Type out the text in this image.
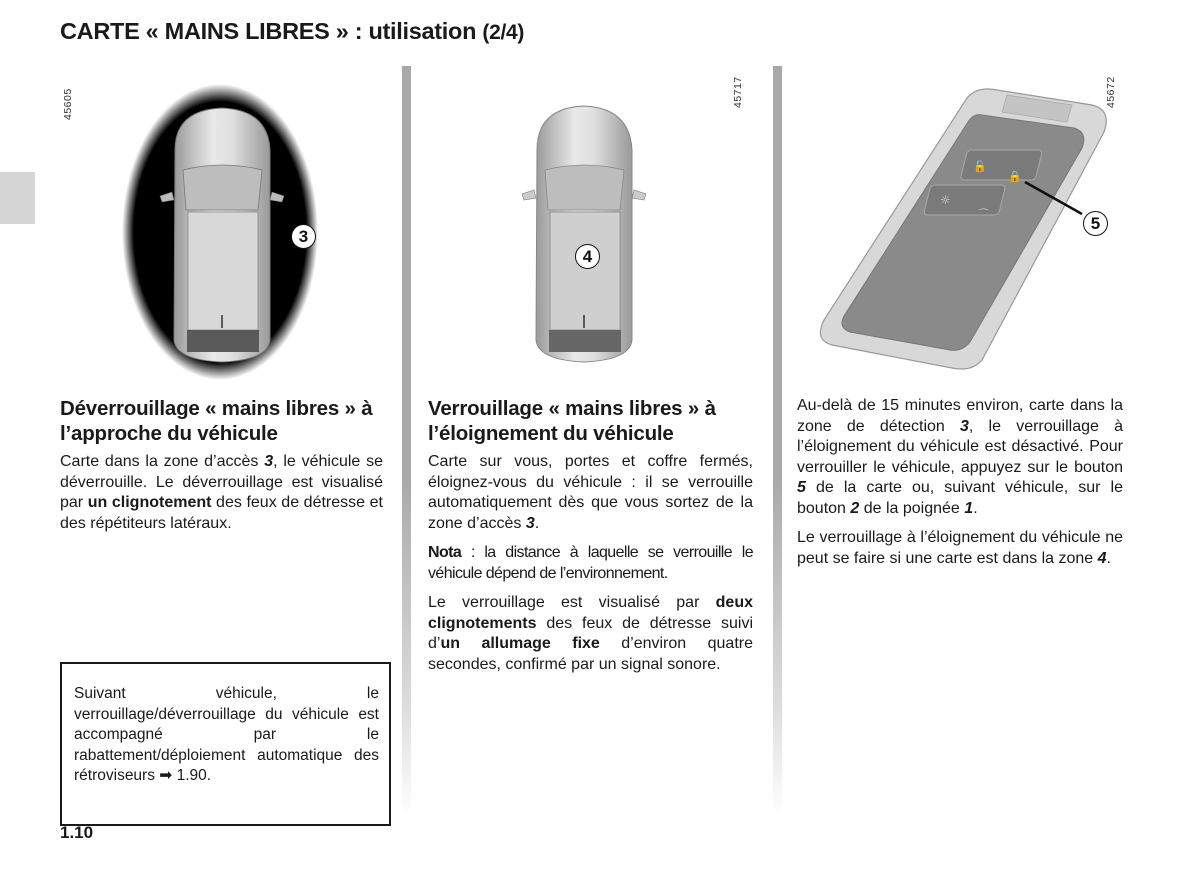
CARTE « MAINS LIBRES » : utilisation (2/4)
45605
3
45717
4
45672
🔓
🔒
☼
⌒	5
Déverrouillage « mains libres » à l’approche du véhicule

Carte dans la zone d’accès 3, le véhicule se déverrouille. Le déverrouillage est visualisé par un clignotement des feux de détresse et des répétiteurs latéraux.

Suivant véhicule, le verrouillage/déverrouillage du véhicule est accompagné par le rabattement/déploiement automatique des rétroviseurs ➡ 1.90.

Verrouillage « mains libres » à l’éloignement du véhicule

Carte sur vous, portes et coffre fermés, éloignez-vous du véhicule : il se verrouille automatiquement dès que vous sortez de la zone d’accès 3.

Nota : la distance à laquelle se verrouille le véhicule dépend de l’environnement.

Le verrouillage est visualisé par deux clignotements des feux de détresse suivi d’un allumage fixe d’environ quatre secondes, confirmé par un signal sonore.

Au-delà de 15 minutes environ, carte dans la zone de détection 3, le verrouillage à l’éloignement du véhicule est désactivé. Pour verrouiller le véhicule, appuyez sur le bouton 5 de la carte ou, suivant véhicule, sur le bouton 2 de la poignée 1.

Le verrouillage à l’éloignement du véhicule ne peut se faire si une carte est dans la zone 4.

1.10
